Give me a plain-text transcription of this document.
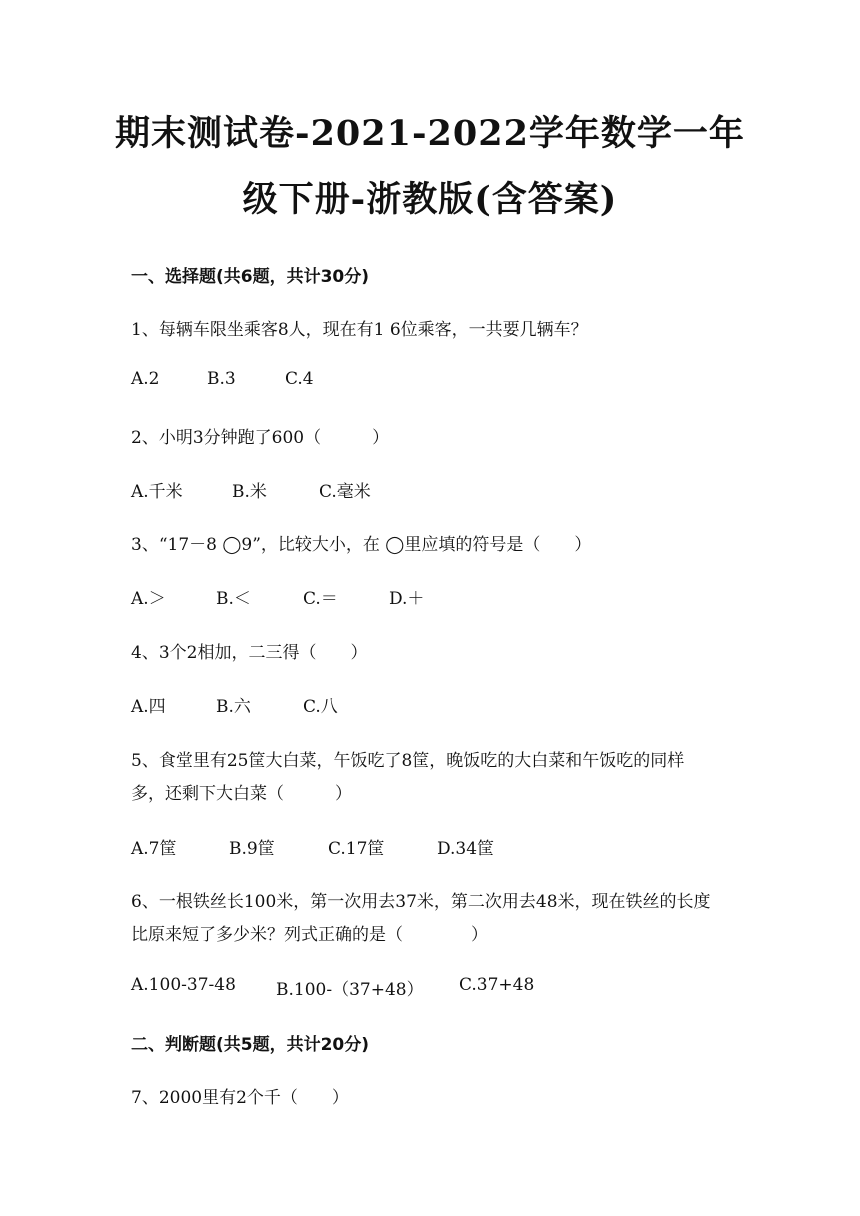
期末测试卷-2021-2022学年数学一年
级下册-浙教版(含答案)
一、选择题(共6题，共计30分)
1、每辆车限坐乘客8人，现在有1 6位乘客，一共要几辆车？
A.2	B.3	C.4
2、小明3分钟跑了600（　　　）
A.千米	B.米	C.毫米
3、“17－8 ◯9”，比较大小，在 ◯里应填的符号是（　　）
A.＞	B.＜	C.＝	D.＋
4、3个2相加，二三得（　　）
A.四	B.六	C.八
5、食堂里有25筐大白菜，午饭吃了8筐，晚饭吃的大白菜和午饭吃的同样
多，还剩下大白菜（　　　）
A.7筐	B.9筐	C.17筐	D.34筐
6、一根铁丝长100米，第一次用去37米，第二次用去48米，现在铁丝的长度
比原来短了多少米？列式正确的是（　　　　）
A.100-37-48 B.100-（37+48） C.37+48
二、判断题(共5题，共计20分)
7、2000里有2个千（　　）
